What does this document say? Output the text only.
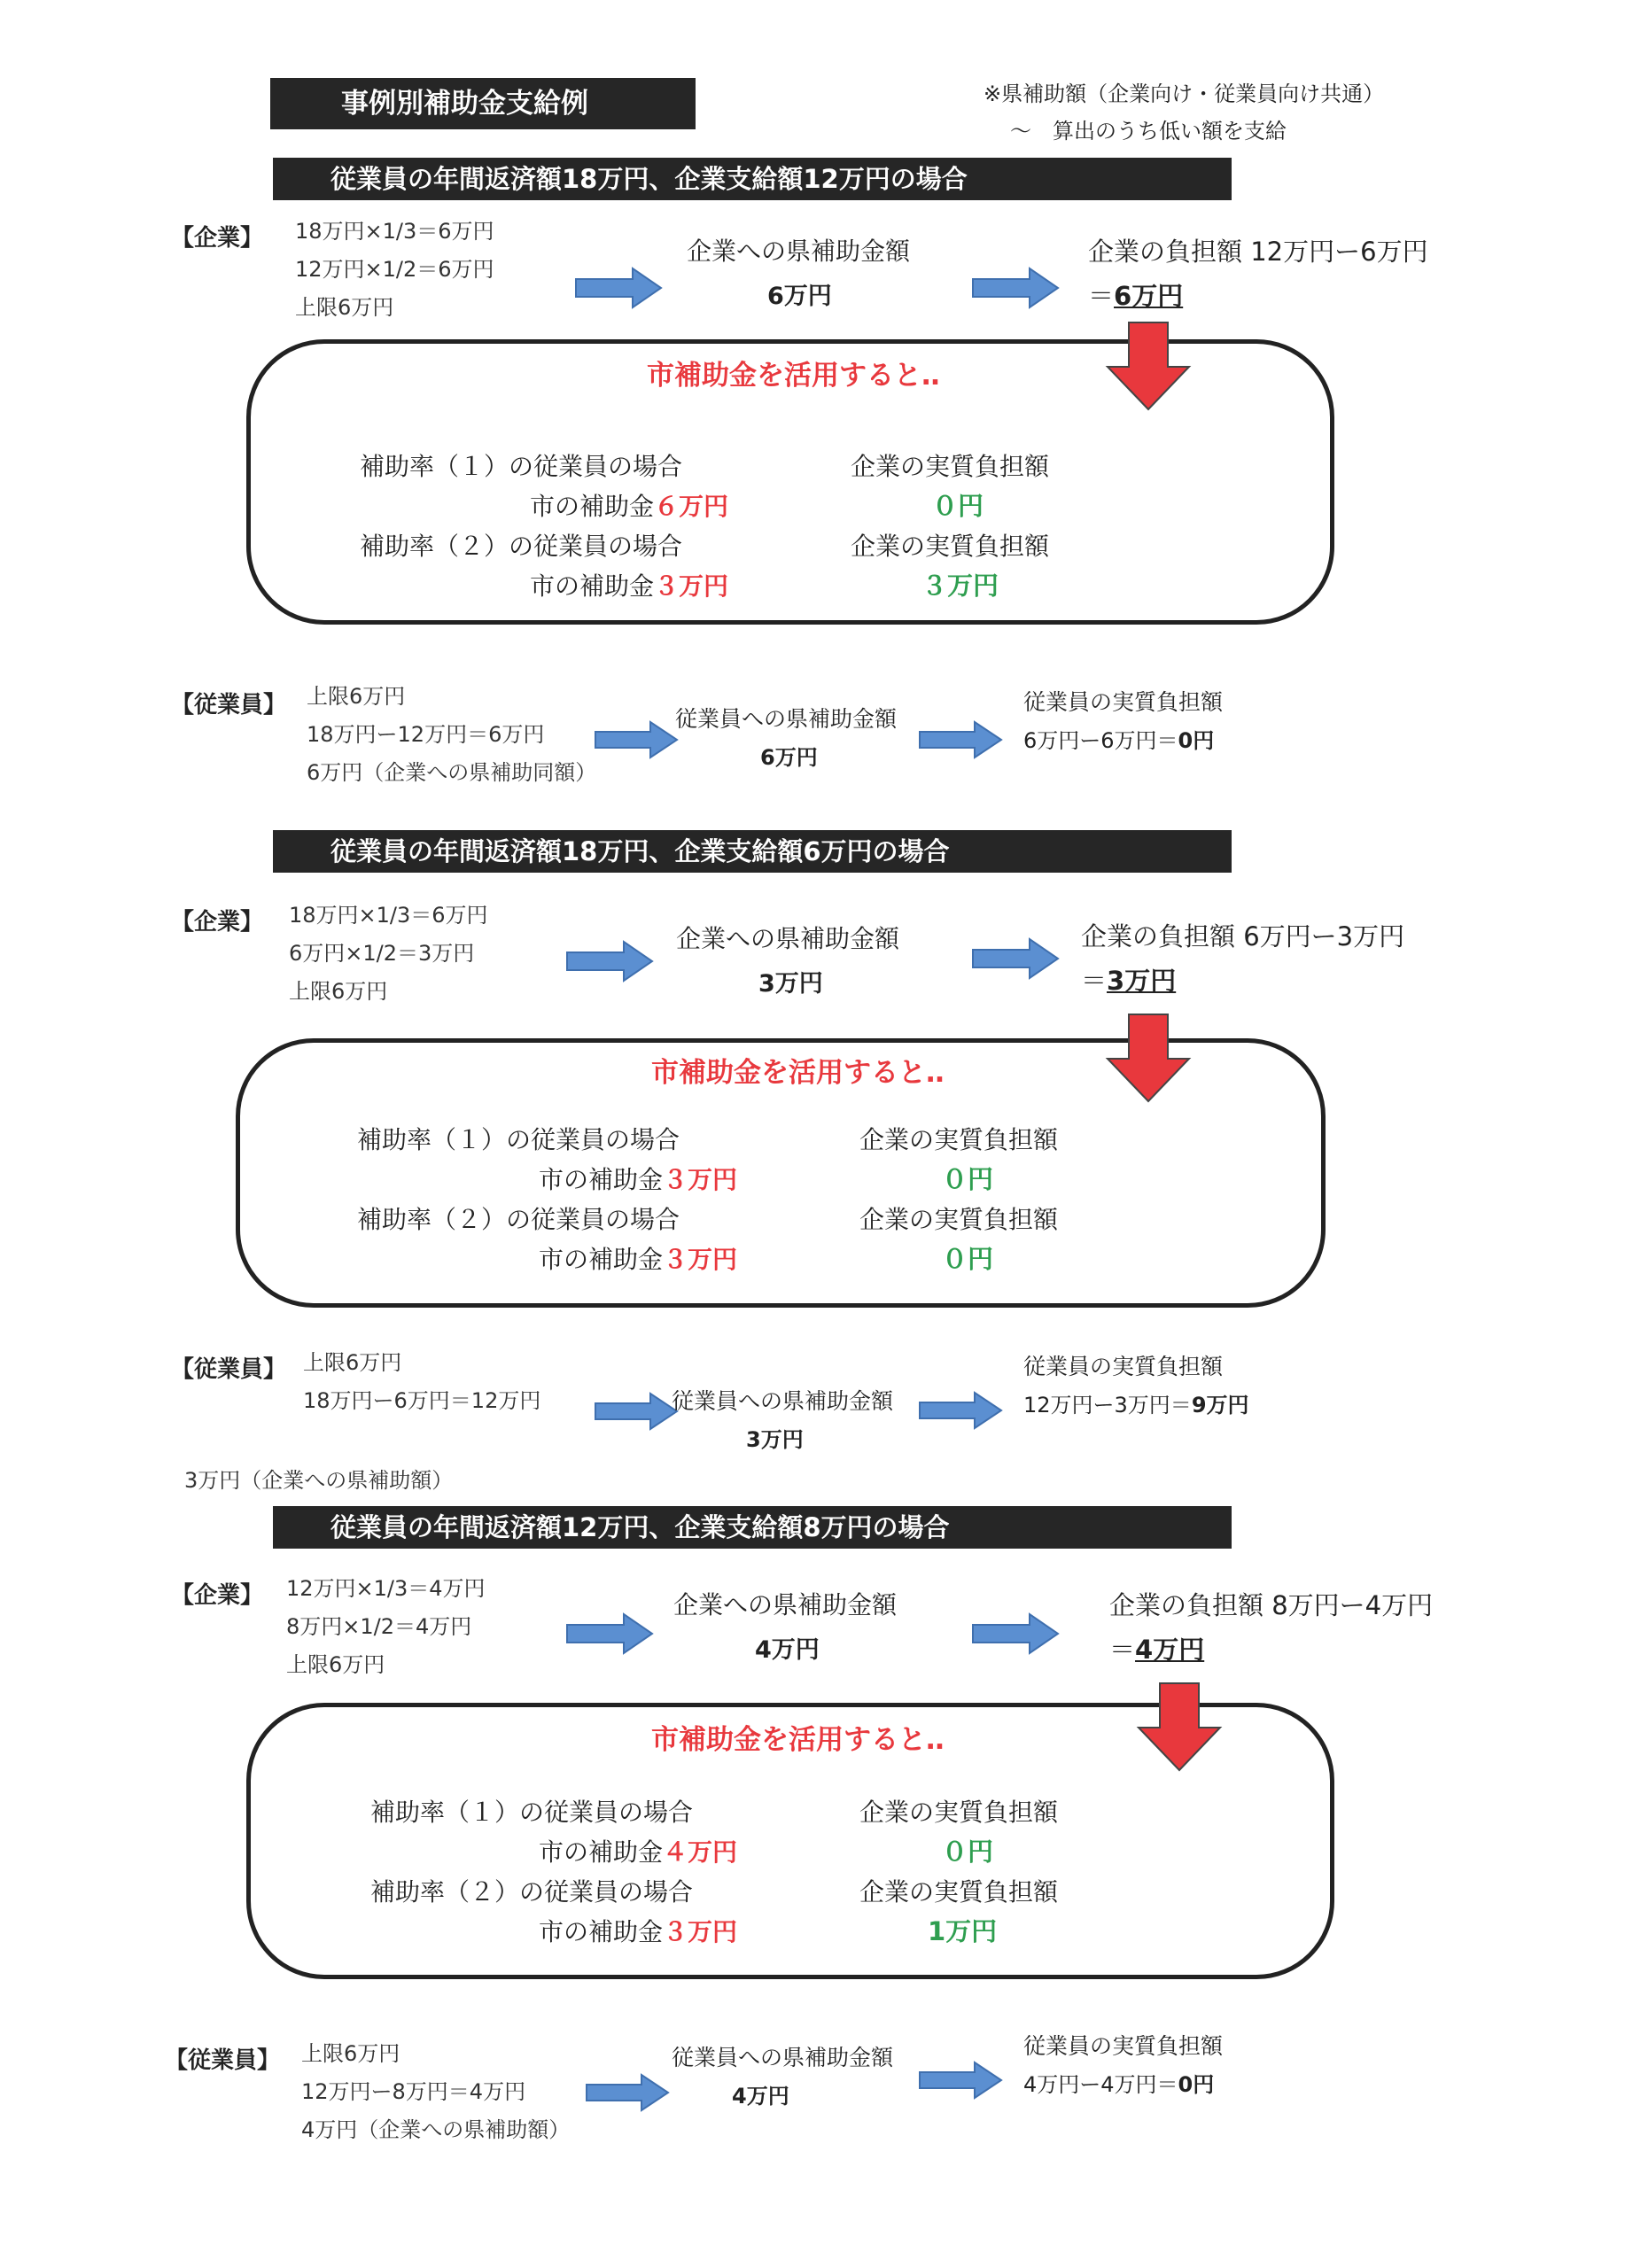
事例別補助金支給例	※県補助額（企業向け・従業員向け共通）
～　算出のうち低い額を支給
従業員の年間返済額18万円、企業支給額12万円の場合
【企業】 18万円×1/3＝6万円
12万円×1/2＝6万円
上限6万円
企業への県補助金額
6万円
企業の負担額 12万円ー6万円
＝6万円
市補助金を活用すると‥
補助率（１）の従業員の場合
市の補助金６万円
企業の実質負担額
０円
補助率（２）の従業員の場合
市の補助金３万円
企業の実質負担額
３万円
【従業員】 上限6万円
18万円ー12万円＝6万円
6万円（企業への県補助同額）
従業員への県補助金額
6万円
従業員の実質負担額
6万円ー6万円＝0円
従業員の年間返済額18万円、企業支給額6万円の場合
【企業】 18万円×1/3＝6万円
6万円×1/2＝3万円
上限6万円
企業への県補助金額
3万円
企業の負担額 6万円ー3万円
＝3万円
市補助金を活用すると‥
補助率（１）の従業員の場合
市の補助金３万円
企業の実質負担額
０円
補助率（２）の従業員の場合
市の補助金３万円
企業の実質負担額
０円
【従業員】 上限6万円
18万円ー6万円＝12万円	従業員への県補助金額
3万円
従業員の実質負担額
12万円ー3万円＝9万円
3万円（企業への県補助額）
従業員の年間返済額12万円、企業支給額8万円の場合
【企業】 12万円×1/3＝4万円
8万円×1/2＝4万円
上限6万円
企業への県補助金額
4万円
企業の負担額 8万円ー4万円
＝4万円
市補助金を活用すると‥
補助率（１）の従業員の場合
市の補助金４万円
企業の実質負担額
０円
補助率（２）の従業員の場合
市の補助金３万円
企業の実質負担額
1万円
【従業員】 上限6万円
12万円ー8万円＝4万円
4万円（企業への県補助額）
従業員への県補助金額
4万円
従業員の実質負担額
4万円ー4万円＝0円
